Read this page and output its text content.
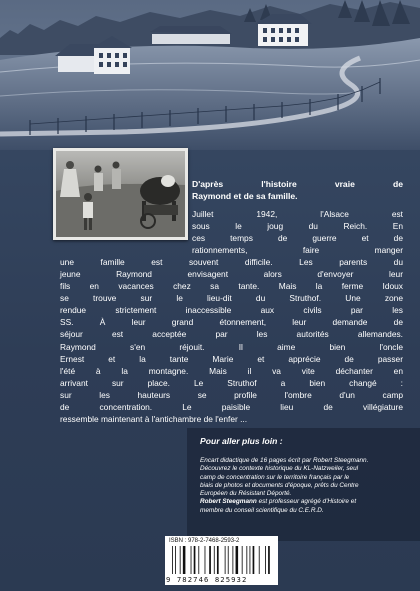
D'après l'histoire vraie de

Raymond et de sa famille.

Juillet 1942, l'Alsace est
sous le joug du Reich. En
ces temps de guerre et de
rationnements, faire manger
une famille est souvent difficile. Les parents du
jeune Raymond envisagent alors d'envoyer leur
fils en vacances chez sa tante. Mais la ferme Idoux
se trouve sur le lieu-dit du Struthof. Une zone
rendue strictement inaccessible aux civils par les
SS. À leur grand étonnement, leur demande de
séjour est acceptée par les autorités allemandes.
Raymond s'en réjouit. Il aime bien l'oncle
Ernest et la tante Marie et apprécie de passer
l'été à la montagne. Mais il va vite déchanter en
arrivant sur place. Le Struthof a bien changé :
sur les hauteurs se profile l'ombre d'un camp
de concentration. Le paisible lieu de villégiature
ressemble maintenant à l'antichambre de l'enfer ...

Pour aller plus loin :

Encart didactique de 16 pages écrit par Robert Steegmann.
Découvrez le contexte historique du KL-Natzweiler, seul
camp de concentration sur le territoire français par le
biais de photos et documents d'époque, prêts du Centre
Européen du Résistant Déporté.
Robert Steegmann est professeur agrégé d'Histoire et
membre du conseil scientifique du C.E.R.D.
ISBN : 978-2-7468-2593-2
9 782746 825932
